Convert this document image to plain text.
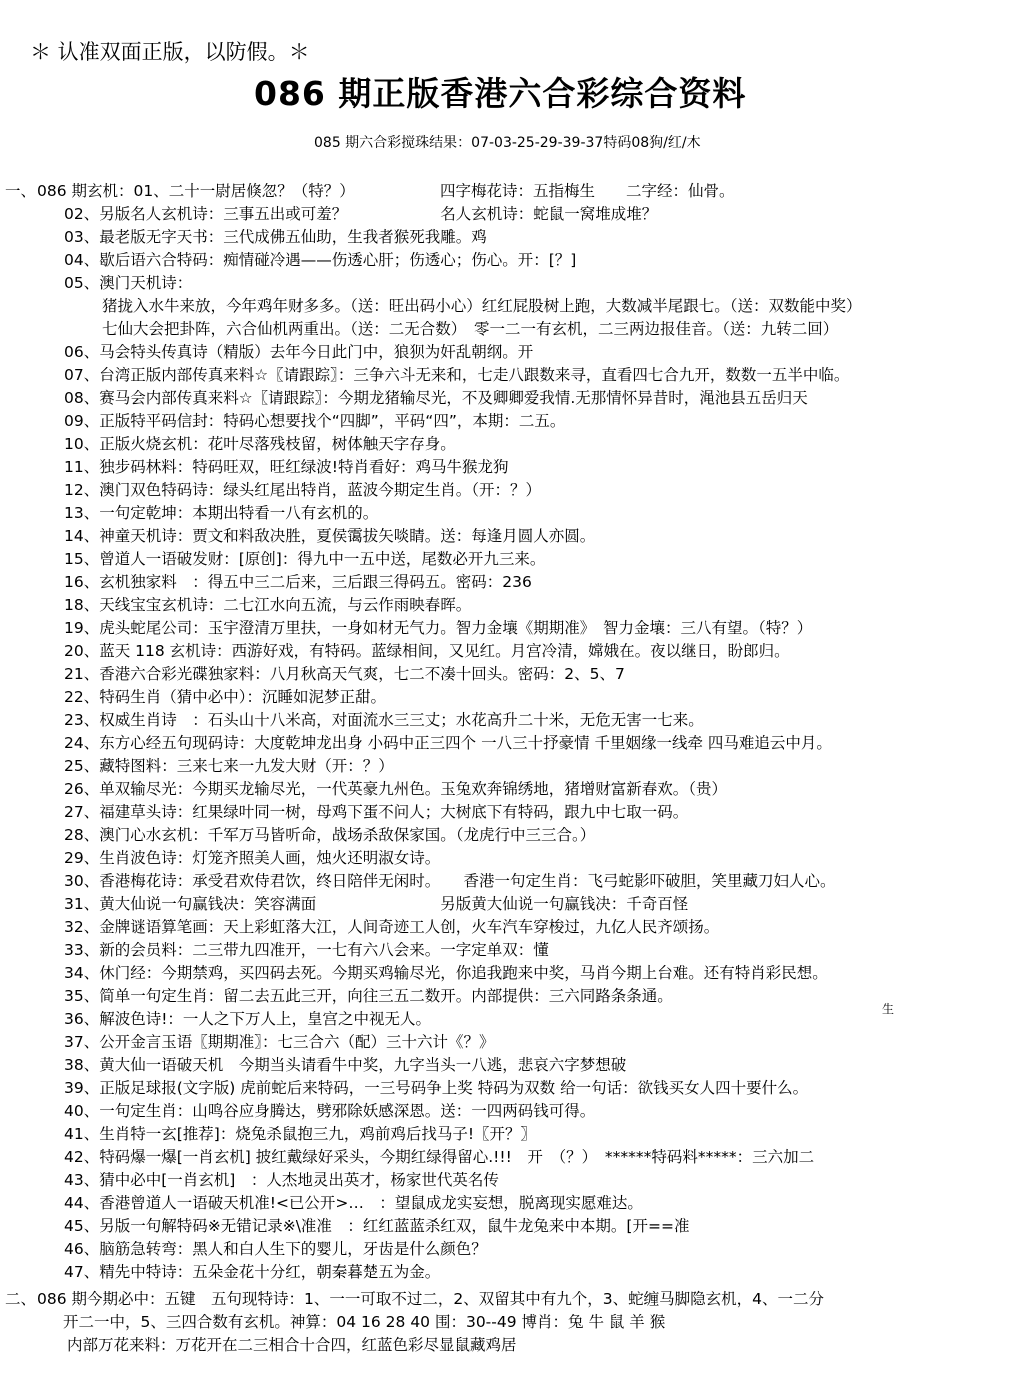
＊ 认准双面正版，以防假。＊
086 期正版香港六合彩综合资料
085 期六合彩搅珠结果：07-03-25-29-39-37特码08狗/红/木
一、 086 期玄机：01、二十一尉居倏忽？（特？）　　　　　　四字梅花诗：五指梅生　　二字经：仙骨。
02、另版名人玄机诗：三事五出或可羞？　　　　　　名人玄机诗：蛇鼠一窝堆成堆？
03、最老版无字天书：三代成佛五仙助，生我者猴死我雕。鸡
04、歇后语六合特码：痴情碰冷遇——伤透心肝；伤透心；伤心。开：[？]
05、澳门天机诗：
猪拢入水牛来放，今年鸡年财多多。（送：旺出码小心）红红屁股树上跑，大数减半尾跟七。（送：双数能中奖）
七仙大会把卦阵，六合仙机两重出。（送：二无合数）　零一二一有玄机，二三两边报佳音。（送：九转二回）
06、马会特头传真诗（精版）去年今日此门中，狼狈为奸乱朝纲。开
07、台湾正版内部传真来料☆〖请跟踪〗：三争六斗无来和，七走八跟数来寻，直看四七合九开，数数一五半中临。
08、赛马会内部传真来料☆〖请跟踪〗：今期龙猪输尽光，不及卿卿爱我情.无那情怀异昔时，渑池县五岳归天
09、正版特平码信封：特码心想要找个“四脚”，平码“四”，本期：二五。
10、正版火烧玄机：花叶尽落残枝留，树体触天字存身。
11、独步码林料：特码旺双，旺红绿波!特肖看好：鸡马牛猴龙狗
12、澳门双色特码诗：绿头红尾出特肖，蓝波今期定生肖。（开：？）
13、一句定乾坤：本期出特看一八有玄机的。
14、神童天机诗：贾文和料敌决胜，夏侯霭拔矢啖睛。送：每逢月圆人亦圆。
15、曾道人一语破发财：[原创]：得九中一五中送，尾数必开九三来。
16、玄机独家料　：得五中三二后来，三后跟三得码五。密码：236
18、天线宝宝玄机诗：二七江水向五流，与云作雨映春晖。
19、虎头蛇尾公司：玉宇澄清万里扶，一身如材无气力。智力金壤《期期准》　智力金壤：三八有望。（特？）
20、蓝天 118 玄机诗：西游好戏，有特码。蓝绿相间，又见红。月宫冷清，嫦娥在。夜以继日，盼郎归。
21、香港六合彩光碟独家料：八月秋高天气爽，七二不凑十回头。密码：2、5、7
22、特码生肖（猜中必中）：沉睡如泥梦正甜。
23、权威生肖诗　：石头山十八米高，对面流水三三丈；水花高升二十米，无危无害一七来。
24、东方心经五句现码诗：大度乾坤龙出身 小码中正三四个 一八三十抒豪情 千里姻缘一线牵 四马难追云中月。
25、藏特图料：三来七来一九发大财（开：？）
26、单双输尽光：今期买龙输尽光，一代英豪九州色。玉兔欢奔锦绣地，猪增财富新春欢。（贵）
27、福建草头诗：红果绿叶同一树，母鸡下蛋不问人；大树底下有特码，跟九中七取一码。
28、澳门心水玄机：千军万马皆听命，战场杀敌保家国。（龙虎行中三三合。）
29、生肖波色诗：灯笼齐照美人画，烛火还明淑女诗。
30、香港梅花诗：承受君欢侍君饮，终日陪伴无闲时。　　香港一句定生肖：飞弓蛇影吓破胆，笑里藏刀妇人心。
31、黄大仙说一句赢钱决：笑容满面　　　　　　　　另版黄大仙说一句赢钱决：千奇百怪
32、金牌谜语算笔画：天上彩虹落大江，人间奇迹工人创，火车汽车穿梭过，九亿人民齐颂扬。
33、新的会员料：二三带九四准开，一七有六八会来。一字定单双：懂
34、休门经：今期禁鸡，买四码去死。今期买鸡输尽光，你追我跑来中奖，马肖今期上台难。还有特肖彩民想。
35、简单一句定生肖：留二去五此三开，向往三五二数开。内部提供：三六同路条条通。
36、解波色诗!：一人之下万人上，皇宫之中视无人。
37、公开金言玉语〖期期准〗：七三合六（配）三十六计《？》
38、黄大仙一语破天机　今期当头请看牛中奖，九字当头一八逃，悲哀六字梦想破
39、正版足球报(文字版) 虎前蛇后来特码，一三号码争上奖 特码为双数 给一句话：欲钱买女人四十要什么。
40、一句定生肖：山鸣谷应身腾达，劈邪除妖感深恩。送：一四两码钱可得。
41、生肖特一玄[推荐]：烧兔杀鼠抱三九，鸡前鸡后找马子!〖开？〗
42、特码爆一爆[一肖玄机] 披红戴绿好采头，今期红绿得留心.!!!　开　（？）　******特码料*****：三六加二
43、猜中必中[一肖玄机]　：人杰地灵出英才，杨家世代英名传
44、香港曾道人一语破天机准!<已公开>…　：望鼠成龙实妄想，脱离现实愿难达。
45、另版一句解特码※无错记录※\准准　：红红蓝蓝杀红双，鼠牛龙兔来中本期。[开==准
46、脑筋急转弯：黑人和白人生下的婴儿，牙齿是什么颜色？
47、精先中特诗：五朵金花十分红，朝秦暮楚五为金。
生
二、 086 期今期必中：五键　五句现特诗：1、一一可取不过二，2、双留其中有九个，3、蛇缠马脚隐玄机，4、一二分
开二一中，5、三四合数有玄机。神算：04 16 28 40 围：30--49 博肖：兔 牛 鼠 羊 猴
内部万花来料：万花开在二三相合十合四，红蓝色彩尽显鼠藏鸡居
